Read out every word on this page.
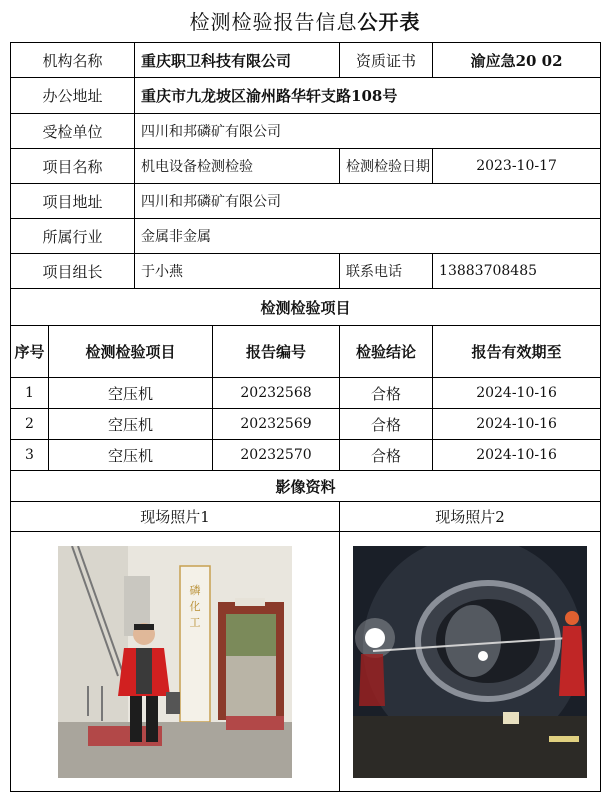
检测检验报告信息公开表
机构名称		重庆职卫科技有限公司		资质证书	渝应急20 02
办公地址		重庆市九龙坡区渝州路华轩支路108号			
受检单位		四川和邦磷矿有限公司			
项目名称		机电设备检测检验		检测检验日期	2023-10-17
项目地址		四川和邦磷矿有限公司			
所属行业		金属非金属			
项目组长		于小燕		联系电话	13883708485
检测检验项目					
序号	检测检验项目		报告编号	检验结论	报告有效期至
1	空压机		20232568	合格	2024-10-16
2	空压机		20232569	合格	2024-10-16
3	空压机		20232570	合格	2024-10-16
影像资料					
现场照片1				现场照片2	

磷
化
工
